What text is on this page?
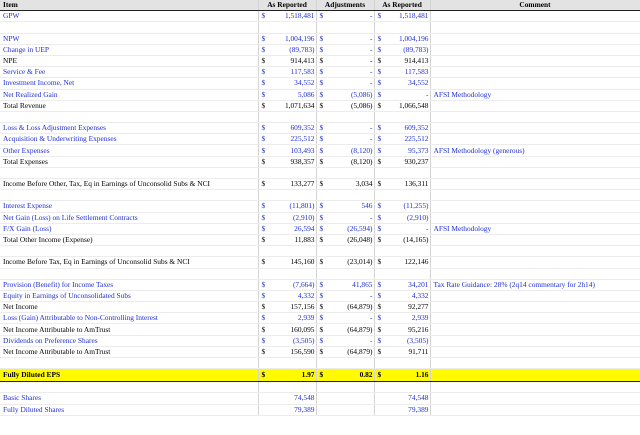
Item	As Reported	Adjustments	As Reported	Comment
GPW	$ 1,518,481	$ -	$ 1,518,481	

NPW	$ 1,004,196	$ -	$ 1,004,196	

Change in UEP	$ (89,783)	$ -	$ (89,783)	

NPE	$ 914,413	$ -	$ 914,413	

Service & Fee	$ 117,583	$ -	$ 117,583	

Investment Income, Net	$ 34,552	$ -	$ 34,552	

Net Realized Gain	$ 5,086	$ (5,086)	$ -	AFSI Methodology
Total Revenue	$ 1,071,634	$ (5,086)	$ 1,066,548	

Loss & Loss Adjustment Expenses	$ 609,352	$ -	$ 609,352	

Acquisition & Underwriting Expenses	$ 225,512	$ -	$ 225,512	

Other Expenses	$ 103,493	$ (8,120)	$ 95,373	AFSI Methodology (generous)
Total Expenses	$ 938,357	$ (8,120)	$ 930,237	

Income Before Other, Tax, Eq in Earnings of Unconsolid Subs & NCI	$ 133,277	$ 3,034	$ 136,311	

Interest Expense	$ (11,801)	$ 546	$ (11,255)	

Net Gain (Loss) on Life Settlement Contracts	$ (2,910)	$ -	$ (2,910)	

F/X Gain (Loss)	$ 26,594	$ (26,594)	$ -	AFSI Methodology
Total Other Income (Expense)	$ 11,883	$ (26,048)	$ (14,165)	

Income Before Tax, Eq in Earnings of Unconsolid Subs & NCI	$ 145,160	$ (23,014)	$ 122,146	

Provision (Benefit) for Income Taxes	$ (7,664)	$ 41,865	$ 34,201	Tax Rate Guidance: 28% (2q14 commentary for 2h14)
Equity in Earnings of Unconsolidated Subs	$ 4,332	$ -	$ 4,332	

Net Income	$ 157,156	$ (64,879)	$ 92,277	

Loss (Gain) Attributable to Non-Controlling Interest	$ 2,939	$ -	$ 2,939	

Net Income Attributable to AmTrust	$ 160,095	$ (64,879)	$ 95,216	

Dividends on Preference Shares	$ (3,505)	$ -	$ (3,505)	

Net Income Attributable to AmTrust	$ 156,590	$ (64,879)	$ 91,711	

Fully Diluted EPS	$ 1.97	$ 0.82	$ 1.16	

Basic Shares	74,548		74,548	

Fully Diluted Shares	79,389		79,389	
